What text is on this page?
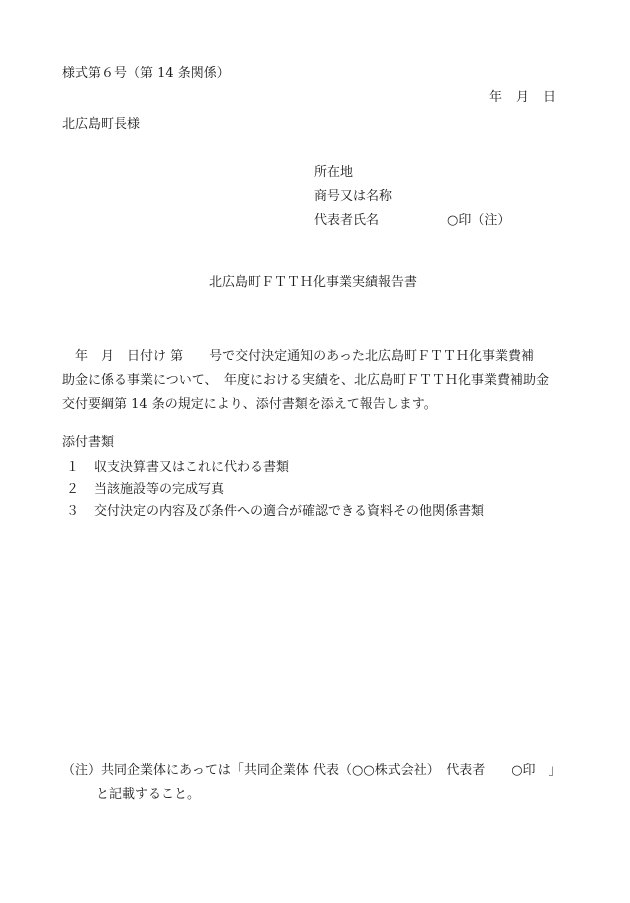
様式第６号（第 14 条関係）
年 月 日
北広島町長様
所在地
商号又は名称
代表者氏名	○印（注）
北広島町ＦＴＴＨ化事業実績報告書
　年　月　日付け 第　　号で交付決定通知のあった北広島町ＦＴＴＨ化事業費補
助金に係る事業について、　年度における実績を、北広島町ＦＴＴＨ化事業費補助金
交付要綱第 14 条の規定により、添付書類を添えて報告します。
添付書類
１	収支決算書又はこれに代わる書類
２	当該施設等の完成写真
３	交付決定の内容及び条件への適合が確認できる資料その他関係書類
（注）共同企業体にあっては「共同企業体 代表（○○株式会社）　代表者　　○印　」
と記載すること。
